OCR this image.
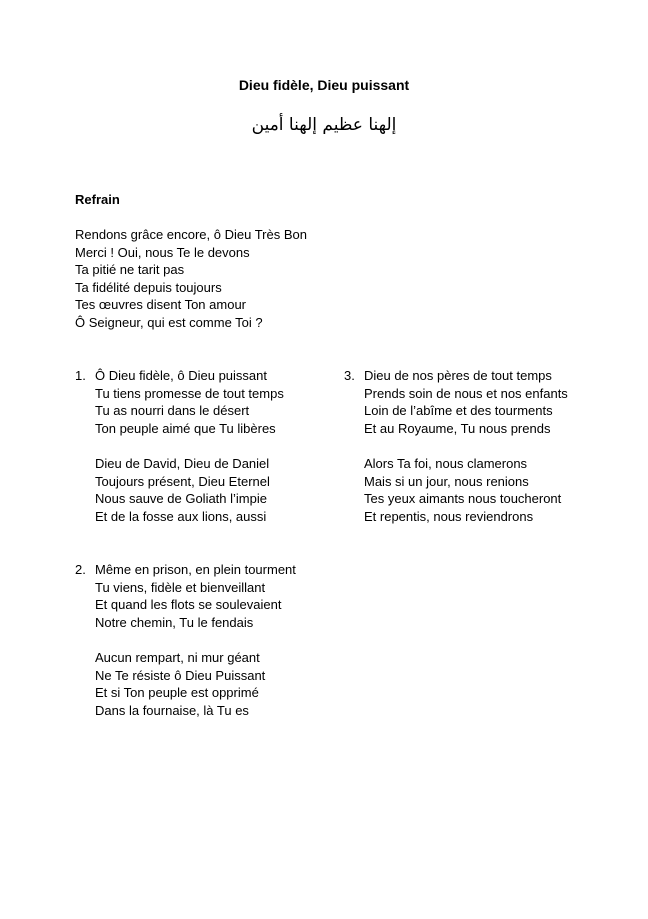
Dieu fidèle, Dieu puissant
إلهنا عظيم إلهنا أمين
Refrain
Rendons grâce encore, ô Dieu Très Bon
Merci ! Oui, nous Te le devons
Ta pitié ne tarit pas
Ta fidélité depuis toujours
Tes œuvres disent Ton amour
Ô Seigneur, qui est comme Toi ?
1. Ô Dieu fidèle, ô Dieu puissant
Tu tiens promesse de tout temps
Tu as nourri dans le désert
Ton peuple aimé que Tu libères
Dieu de David, Dieu de Daniel
Toujours présent, Dieu Eternel
Nous sauve de Goliath l’impie
Et de la fosse aux lions, aussi
2. Même en prison, en plein tourment
Tu viens, fidèle et bienveillant
Et quand les flots se soulevaient
Notre chemin, Tu le fendais
Aucun rempart, ni mur géant
Ne Te résiste ô Dieu Puissant
Et si Ton peuple est opprimé
Dans la fournaise, là Tu es
3. Dieu de nos pères de tout temps
Prends soin de nous et nos enfants
Loin de l’abîme et des tourments
Et au Royaume, Tu nous prends
Alors Ta foi, nous clamerons
Mais si un jour, nous renions
Tes yeux aimants nous toucheront
Et repentis, nous reviendrons
